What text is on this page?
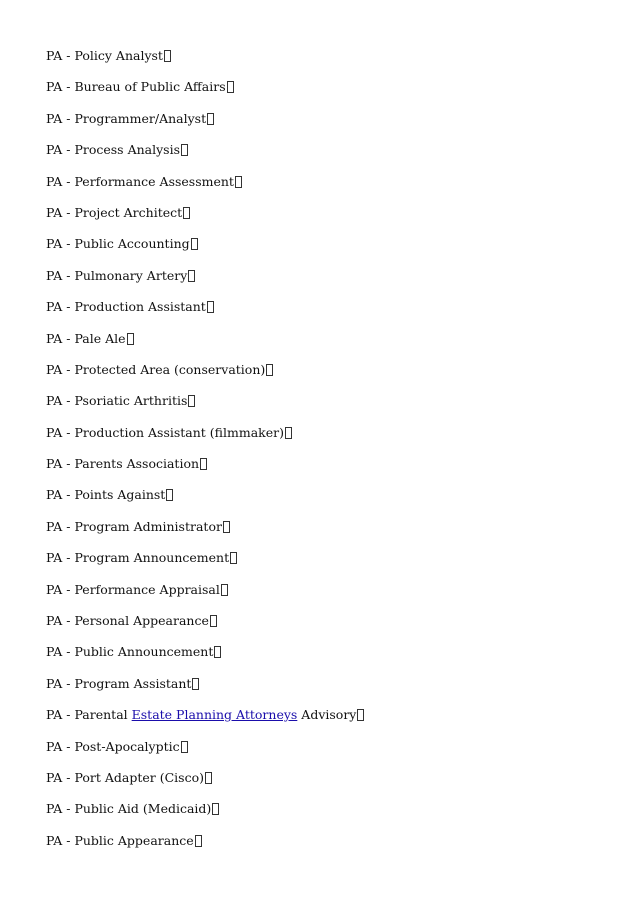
PA - Policy Analyst
PA - Bureau of Public Affairs
PA - Programmer/Analyst
PA - Process Analysis
PA - Performance Assessment
PA - Project Architect
PA - Public Accounting
PA - Pulmonary Artery
PA - Production Assistant
PA - Pale Ale
PA - Protected Area (conservation)
PA - Psoriatic Arthritis
PA - Production Assistant (filmmaker)
PA - Parents Association
PA - Points Against
PA - Program Administrator
PA - Program Announcement
PA - Performance Appraisal
PA - Personal Appearance
PA - Public Announcement
PA - Program Assistant
PA - Parental Estate Planning Attorneys Advisory
PA - Post-Apocalyptic
PA - Port Adapter (Cisco)
PA - Public Aid (Medicaid)
PA - Public Appearance
